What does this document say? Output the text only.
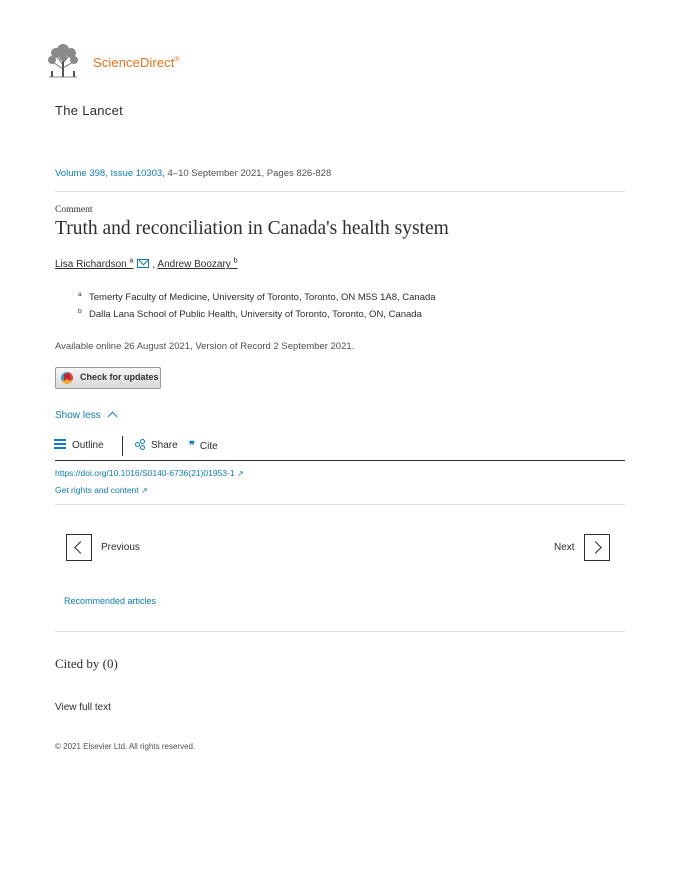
ScienceDirect®
The Lancet
Volume 398, Issue 10303, 4–10 September 2021, Pages 826-828
Comment
Truth and reconciliation in Canada's health system
Lisa Richardson $^a$ , Andrew Boozary $^b$
$^a$ Temerty Faculty of Medicine, University of Toronto, Toronto, ON M5S 1A8, Canada
$^b$ Dalla Lana School of Public Health, University of Toronto, Toronto, ON, Canada
Available online 26 August 2021, Version of Record 2 September 2021.
Check for updates
Show less
Outline	Share ❞ Cite
https://doi.org/10.1016/S0140-6736(21)01953-1 ↗
Get rights and content ↗
Previous	Next
Recommended articles
Cited by (0)
View full text
© 2021 Elsevier Ltd. All rights reserved.
